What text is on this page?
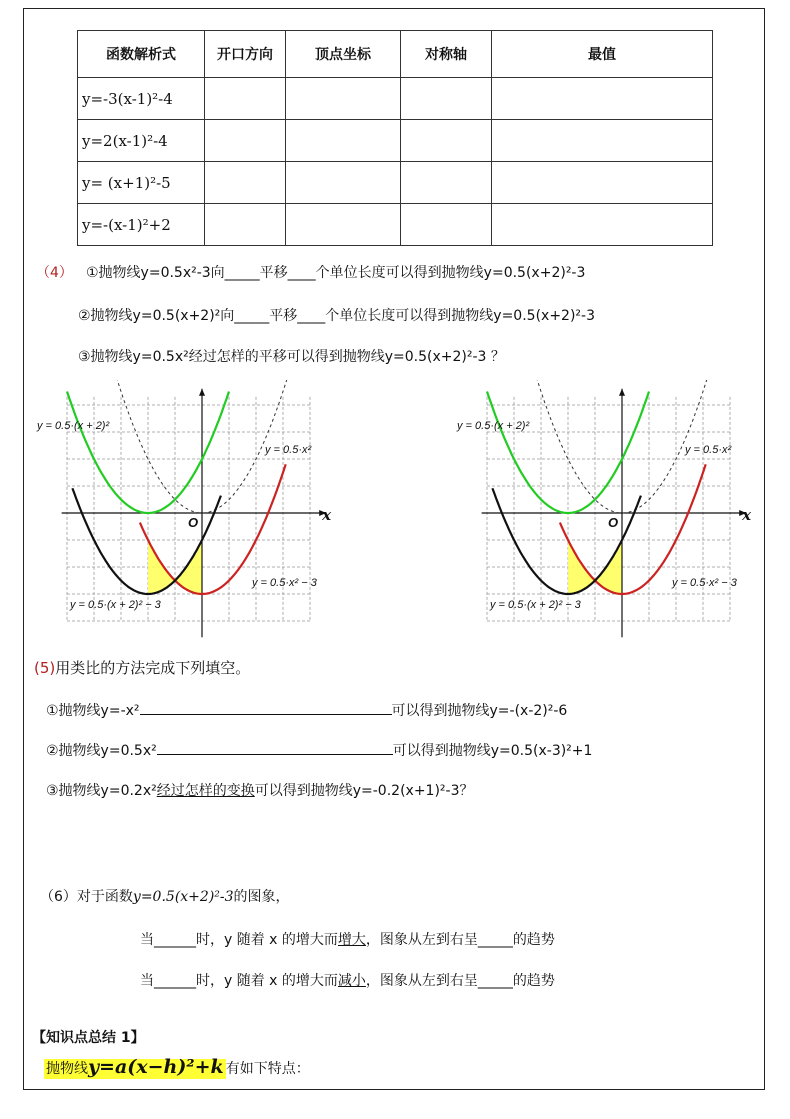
函数解析式	开口方向	顶点坐标	对称轴	最值
y=-3(x-1)²-4				
y=2(x-1)²-4				
y= (x+1)²-5				
y=-(x-1)²+2				
（4） ①抛物线y=0.5x²-3向_____平移____个单位长度可以得到抛物线y=0.5(x+2)²-3
②抛物线y=0.5(x+2)²向_____平移____个单位长度可以得到抛物线y=0.5(x+2)²-3
③抛物线y=0.5x²经过怎样的平移可以得到抛物线y=0.5(x+2)²-3 ？
y = 0.5·(x + 2)²
y = 0.5·x²
y = 0.5·x² − 3
y = 0.5·(x + 2)² − 3
O	x
y = 0.5·(x + 2)²
y = 0.5·x²
y = 0.5·x² − 3
y = 0.5·(x + 2)² − 3
O	x
(5)用类比的方法完成下列填空。
①抛物线y=-x²	可以得到抛物线y=-(x-2)²-6
②抛物线y=0.5x²	可以得到抛物线y=0.5(x-3)²+1
③抛物线y=0.2x²经过怎样的变换可以得到抛物线y=-0.2(x+1)²-3？
（6）对于函数y=0.5(x+2)²-3的图象，
当______时，y 随着 x 的增大而增大，图象从左到右呈_____的趋势
当______时，y 随着 x 的增大而减小，图象从左到右呈_____的趋势
【知识点总结 1】
抛物线y=a(x−h)²+k 有如下特点：
